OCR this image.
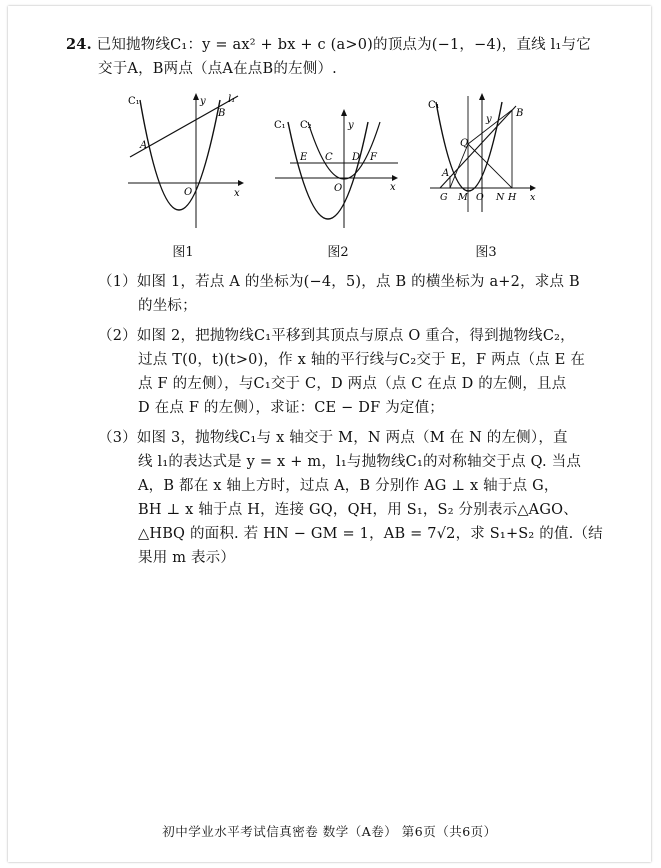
24. 已知抛物线C₁：y = ax² + bx + c (a>0)的顶点为(−1，−4)，直线 l₁与它
交于A，B两点（点A在点B的左侧）.
C₁	y l₁
A
B
O	x
图1
C₁ C₂	y
E C D F
O	x
图2
C₁
y
B
Q
A
G M O N H x
图3
（1）如图 1，若点 A 的坐标为(−4，5)，点 B 的横坐标为 a+2，求点 B
的坐标；
（2）如图 2，把抛物线C₁平移到其顶点与原点 O 重合，得到抛物线C₂，
过点 T(0，t)(t>0)，作 x 轴的平行线与C₂交于 E，F 两点（点 E 在
点 F 的左侧），与C₁交于 C，D 两点（点 C 在点 D 的左侧，且点
D 在点 F 的左侧），求证：CE − DF 为定值；
（3）如图 3，抛物线C₁与 x 轴交于 M，N 两点（M 在 N 的左侧），直
线 l₁的表达式是 y = x + m，l₁与抛物线C₁的对称轴交于点 Q. 当点
A，B 都在 x 轴上方时，过点 A，B 分别作 AG ⊥ x 轴于点 G，
BH ⊥ x 轴于点 H，连接 GQ，QH，用 S₁，S₂ 分别表示△AGO、
△HBQ 的面积. 若 HN − GM = 1，AB = 7√2，求 S₁+S₂ 的值.（结
果用 m 表示）
初中学业水平考试信真密卷 数学（A卷） 第6页（共6页）
